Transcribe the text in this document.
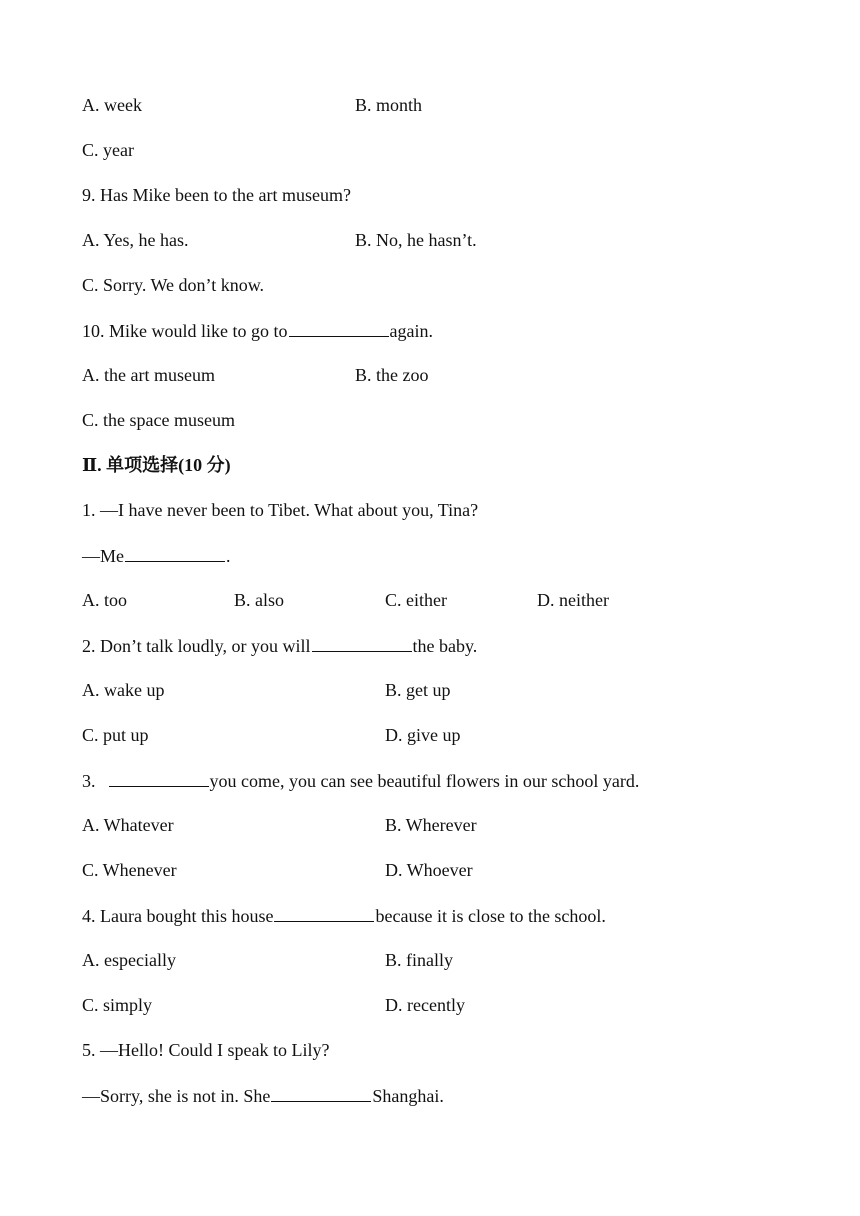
A. week	B. month
C. year
9. Has Mike been to the art museum?
A. Yes, he has.	B. No, he hasn’t.
C. Sorry. We don’t know.
10. Mike would like to go to	again.
A. the art museum	B. the zoo
C. the space museum
Ⅱ. 单项选择(10 分)
1. —I have never been to Tibet. What about you, Tina?
—Me	.
A. too	B. also	C. either	D. neither
2. Don’t talk loudly, or you will	the baby.
A. wake up	B. get up
C. put up	D. give up
3.	you come, you can see beautiful flowers in our school yard.
A. Whatever	B. Wherever
C. Whenever	D. Whoever
4. Laura bought this house	because it is close to the school.
A. especially	B. finally
C. simply	D. recently
5. —Hello! Could I speak to Lily?
—Sorry, she is not in. She	Shanghai.
